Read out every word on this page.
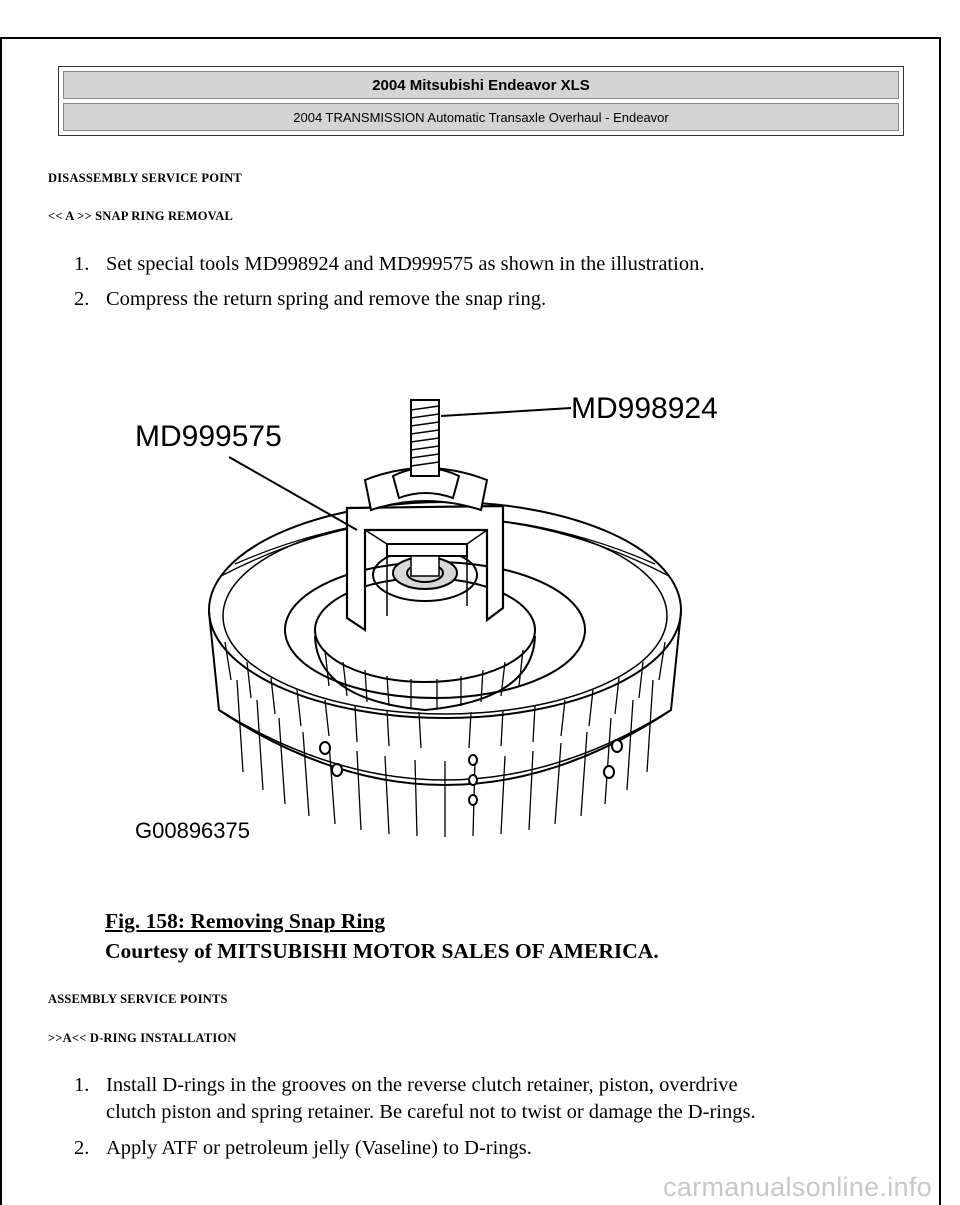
2004 Mitsubishi Endeavor XLS
2004 TRANSMISSION Automatic Transaxle Overhaul - Endeavor
DISASSEMBLY SERVICE POINT
<< A >> SNAP RING REMOVAL
1. Set special tools MD998924 and MD999575 as shown in the illustration.
2. Compress the return spring and remove the snap ring.
MD999575
MD998924
G00896375
Fig. 158: Removing Snap Ring
Courtesy of MITSUBISHI MOTOR SALES OF AMERICA.
ASSEMBLY SERVICE POINTS
>>A<< D-RING INSTALLATION
1. Install D-rings in the grooves on the reverse clutch retainer, piston, overdrive
clutch piston and spring retainer. Be careful not to twist or damage the D-rings.
2. Apply ATF or petroleum jelly (Vaseline) to D-rings.
carmanualsonline.info
